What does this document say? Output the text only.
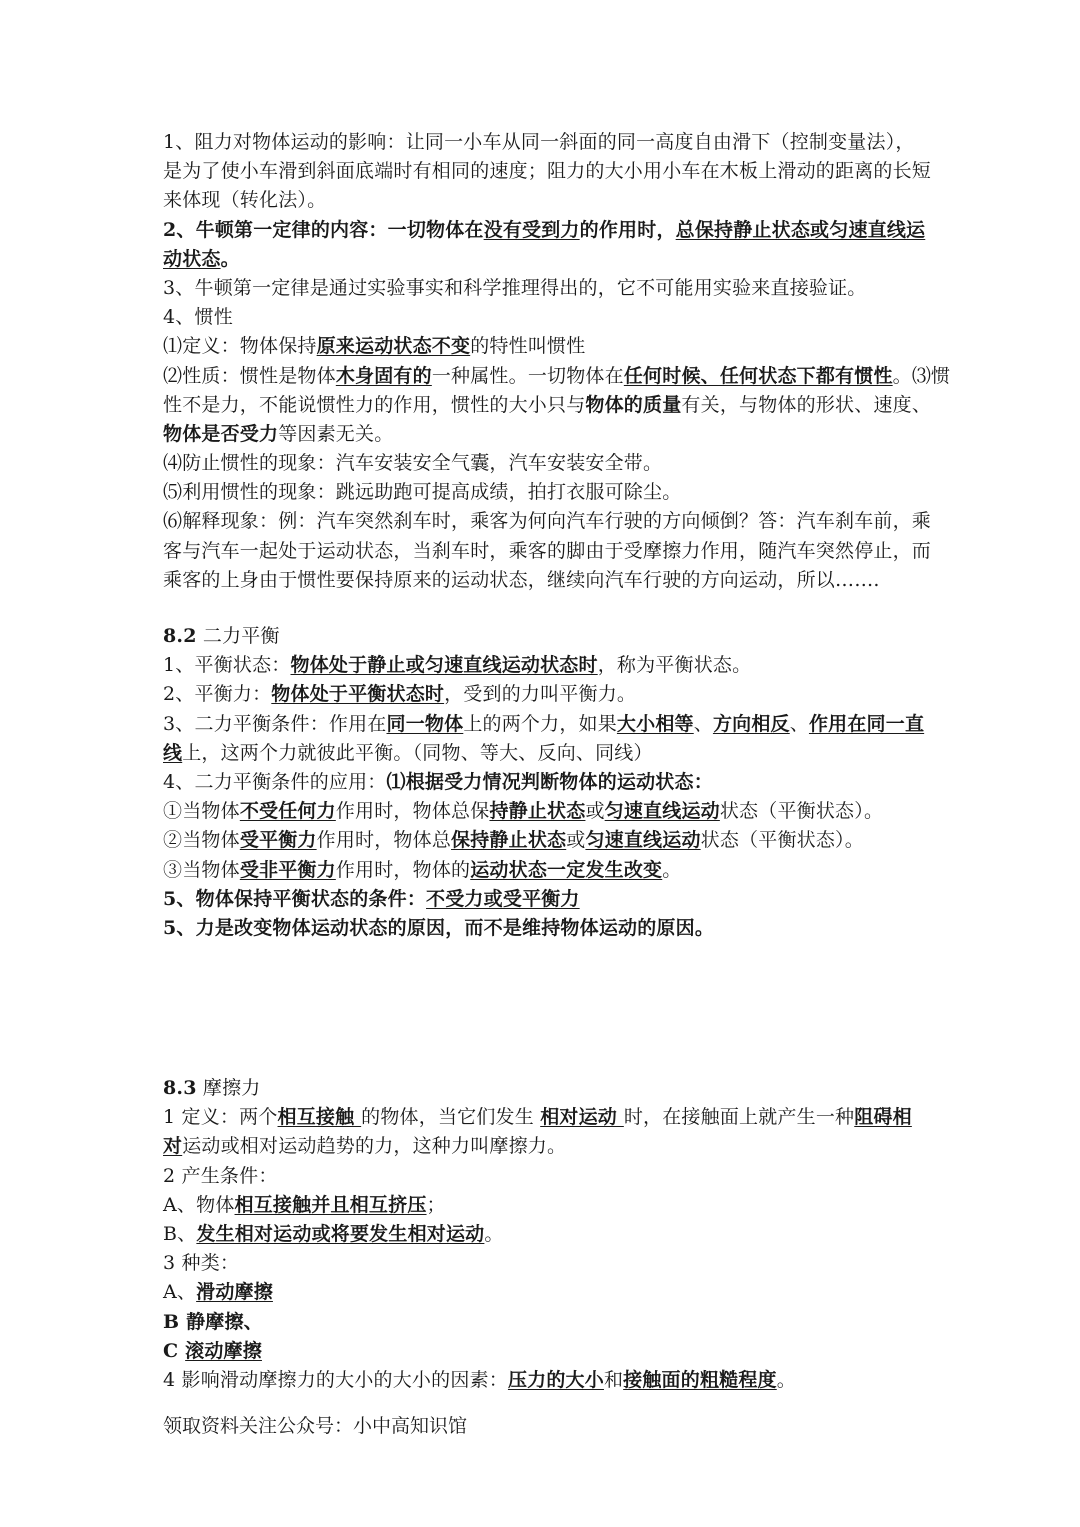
1、阻力对物体运动的影响：让同一小车从同一斜面的同一高度自由滑下（控制变量法），
是为了使小车滑到斜面底端时有相同的速度；阻力的大小用小车在木板上滑动的距离的长短
来体现（转化法）。
2、牛顿第一定律的内容：一切物体在没有受到力的作用时，总保持静止状态或匀速直线运
动状态。
3、牛顿第一定律是通过实验事实和科学推理得出的，它不可能用实验来直接验证。
4、惯性
⑴定义：物体保持原来运动状态不变的特性叫惯性
⑵性质：惯性是物体木身固有的一种属性。一切物体在任何时候、任何状态下都有惯性。⑶惯
性不是力，不能说惯性力的作用，惯性的大小只与物体的质量有关，与物体的形状、速度、
物体是否受力等因素无关。
⑷防止惯性的现象：汽车安装安全气囊，汽车安装安全带。
⑸利用惯性的现象：跳远助跑可提高成绩，拍打衣服可除尘。
⑹解释现象：例：汽车突然刹车时，乘客为何向汽车行驶的方向倾倒？答：汽车刹车前，乘
客与汽车一起处于运动状态，当刹车时，乘客的脚由于受摩擦力作用，随汽车突然停止，而
乘客的上身由于惯性要保持原来的运动状态，继续向汽车行驶的方向运动，所以…….
8.2 二力平衡
1、平衡状态：物体处于静止或匀速直线运动状态时，称为平衡状态。
2、平衡力：物体处于平衡状态时，受到的力叫平衡力。
3、二力平衡条件：作用在同一物体上的两个力，如果大小相等、方向相反、作用在同一直
线上，这两个力就彼此平衡。（同物、等大、反向、同线）
4、二力平衡条件的应用：⑴根据受力情况判断物体的运动状态：
①当物体不受任何力作用时，物体总保持静止状态或匀速直线运动状态（平衡状态）。
②当物体受平衡力作用时，物体总保持静止状态或匀速直线运动状态（平衡状态）。
③当物体受非平衡力作用时，物体的运动状态一定发生改变。
5、物体保持平衡状态的条件：不受力或受平衡力
5、力是改变物体运动状态的原因，而不是维持物体运动的原因。
8.3 摩擦力
1 定义：两个相互接触 的物体，当它们发生 相对运动 时，在接触面上就产生一种阻碍相
对运动或相对运动趋势的力，这种力叫摩擦力。
2 产生条件：
A、物体相互接触并且相互挤压；
B、发生相对运动或将要发生相对运动。
3 种类：
A、滑动摩擦
B 静摩擦、
C 滚动摩擦
4 影响滑动摩擦力的大小的大小的因素：压力的大小和接触面的粗糙程度。
领取资料关注公众号：小中高知识馆
